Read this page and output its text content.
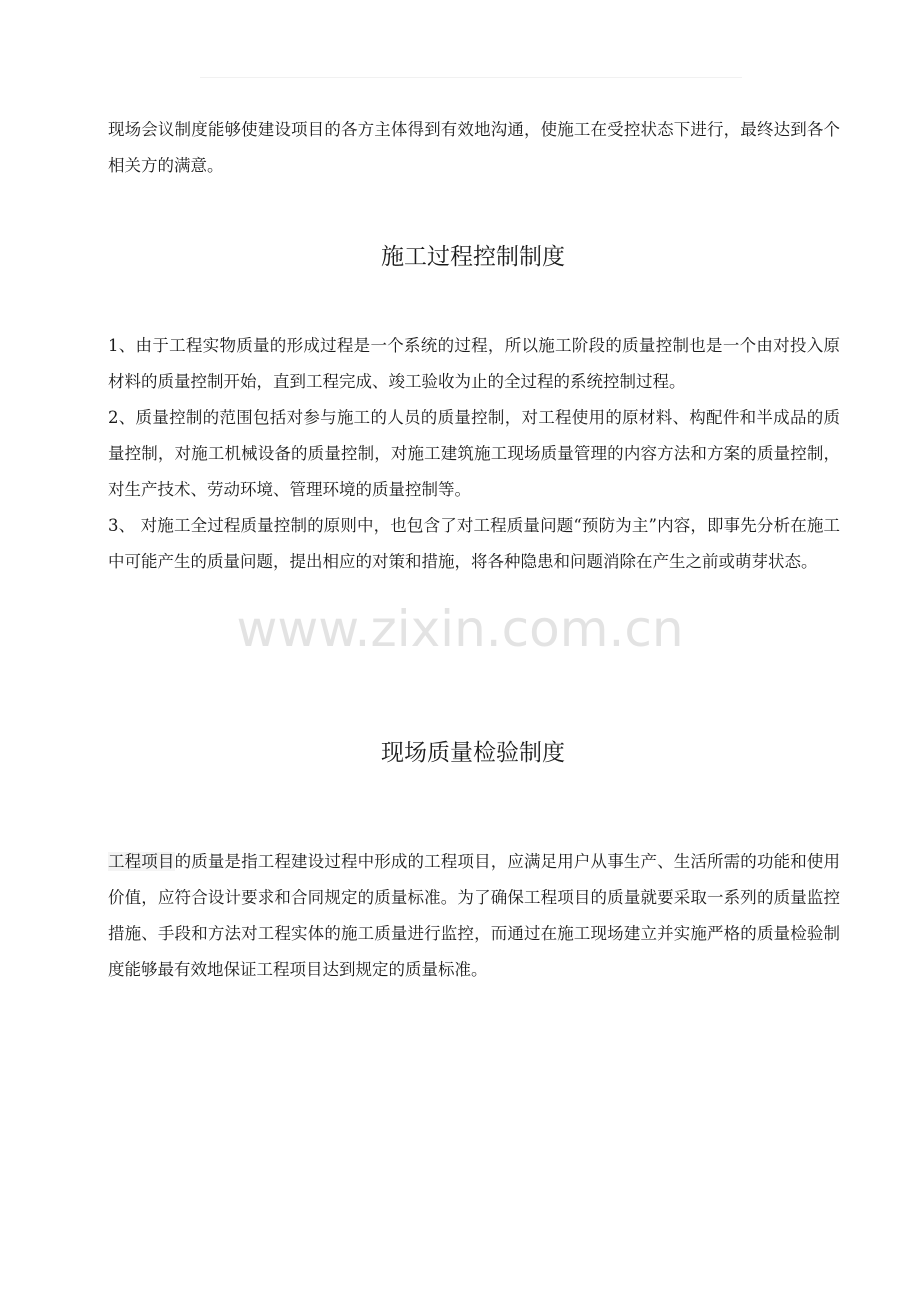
现场会议制度能够使建设项目的各方主体得到有效地沟通，使施工在受控状态下进行，最终达到各个相关方的满意。

施工过程控制制度

1、由于工程实物质量的形成过程是一个系统的过程，所以施工阶段的质量控制也是一个由对投入原材料的质量控制开始，直到工程完成、竣工验收为止的全过程的系统控制过程。

2、质量控制的范围包括对参与施工的人员的质量控制，对工程使用的原材料、构配件和半成品的质量控制，对施工机械设备的质量控制，对施工建筑施工现场质量管理的内容方法和方案的质量控制，对生产技术、劳动环境、管理环境的质量控制等。

3、 对施工全过程质量控制的原则中，也包含了对工程质量问题“预防为主”内容，即事先分析在施工中可能产生的质量问题，提出相应的对策和措施，将各种隐患和问题消除在产生之前或萌芽状态。

www.zixin.com.cn
现场质量检验制度

工程项目的质量是指工程建设过程中形成的工程项目，应满足用户从事生产、生活所需的功能和使用价值，应符合设计要求和合同规定的质量标准。为了确保工程项目的质量就要采取一系列的质量监控措施、手段和方法对工程实体的施工质量进行监控，而通过在施工现场建立并实施严格的质量检验制度能够最有效地保证工程项目达到规定的质量标准。
